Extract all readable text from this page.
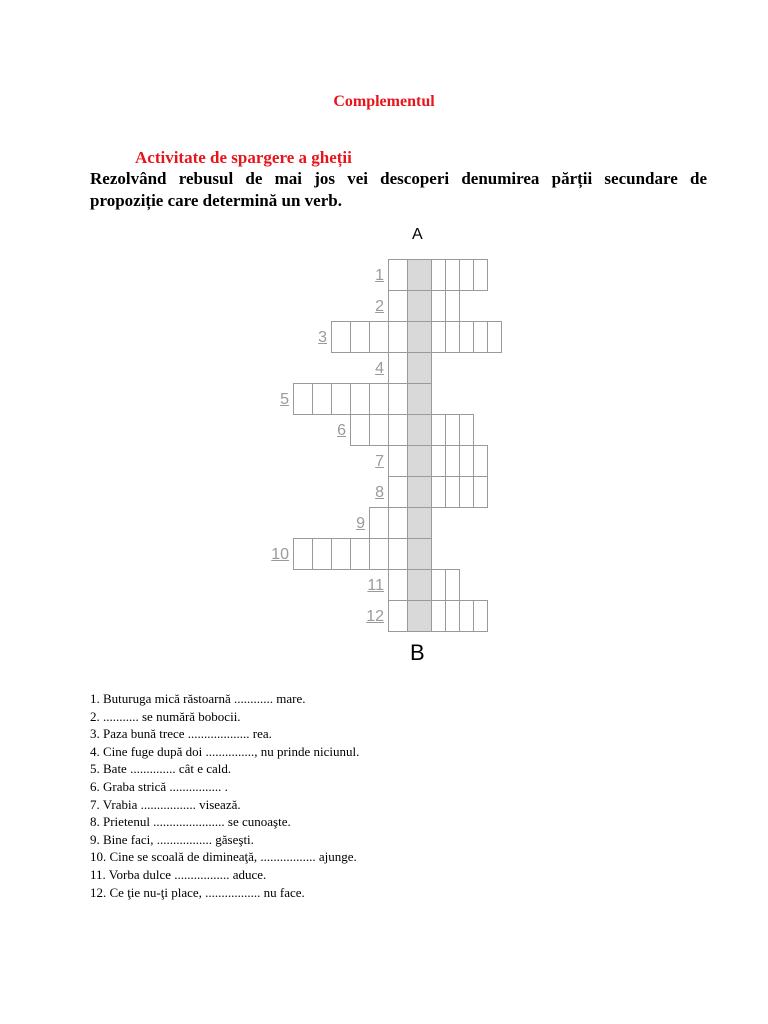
Complementul
Activitate de spargere a gheții
Rezolvând rebusul de mai jos vei descoperi denumirea părții secundare de
propoziție care determină un verb.
A
1
2
3
4
5
6
7
8
9
10
11
12
B
1. Buturuga mică răstoarnă ............ mare.
2. ........... se numără bobocii.
3. Paza bună trece ................... rea.
4. Cine fuge după doi ..............., nu prinde niciunul.
5. Bate .............. cât e cald.
6. Graba strică ................ .
7. Vrabia ................. visează.
8. Prietenul ...................... se cunoaşte.
9. Bine faci, ................. găseşti.
10. Cine se scoală de dimineaţă, ................. ajunge.
11. Vorba dulce ................. aduce.
12. Ce ţie nu-ţi place, ................. nu face.
